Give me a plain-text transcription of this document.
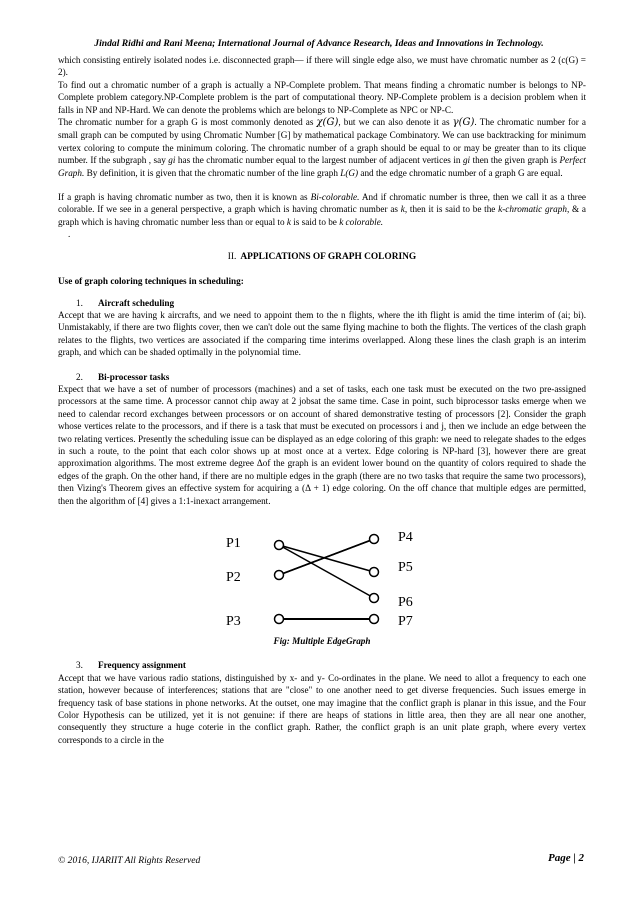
Jindal Ridhi and Rani Meena; International Journal of Advance Research, Ideas and Innovations in Technology.

which consisting entirely isolated nodes i.e. disconnected graph— if there will single edge also, we must have chromatic number as 2 (c(G) = 2).

To find out a chromatic number of a graph is actually a NP-Complete problem. That means finding a chromatic number is belongs to NP-Complete problem category.NP-Complete problem is the part of computational theory. NP-Complete problem is a decision problem when it falls in NP and NP-Hard. We can denote the problems which are belongs to NP-Complete as NPC or NP-C.

The chromatic number for a graph G is most commonly denoted as χ(G), but we can also denote it as γ(G). The chromatic number for a small graph can be computed by using Chromatic Number [G] by mathematical package Combinatory. We can use backtracking for minimum vertex coloring to compute the minimum coloring. The chromatic number of a graph should be equal to or may be greater than to its clique number. If the subgraph , say gi has the chromatic number equal to the largest number of adjacent vertices in gi then the given graph is Perfect Graph. By definition, it is given that the chromatic number of the line graph L(G) and the edge chromatic number of a graph G are equal.

If a graph is having chromatic number as two, then it is known as Bi-colorable. And if chromatic number is three, then we call it as a three colorable. If we see in a general perspective, a graph which is having chromatic number as k, then it is said to be the k-chromatic graph, & a graph which is having chromatic number less than or equal to k is said to be k colorable.

.

II. APPLICATIONS OF GRAPH COLORING

Use of graph coloring techniques in scheduling:

1. Aircraft scheduling

Accept that we are having k aircrafts, and we need to appoint them to the n flights, where the ith flight is amid the time interim of (ai; bi). Unmistakably, if there are two flights cover, then we can't dole out the same flying machine to both the flights. The vertices of the clash graph relates to the flights, two vertices are associated if the comparing time interims overlapped. Along these lines the clash graph is an interim graph, and which can be shaded optimally in the polynomial time.

2. Bi-processor tasks

Expect that we have a set of number of processors (machines) and a set of tasks, each one task must be executed on the two pre-assigned processors at the same time. A processor cannot chip away at 2 jobsat the same time. Case in point, such biprocessor tasks emerge when we need to calendar record exchanges between processors or on account of shared demonstrative testing of processors [2]. Consider the graph whose vertices relate to the processors, and if there is a task that must be executed on processors i and j, then we include an edge between the two relating vertices. Presently the scheduling issue can be displayed as an edge coloring of this graph: we need to relegate shades to the edges in such a route, to the point that each color shows up at most once at a vertex. Edge coloring is NP-hard [3], however there are great approximation algorithms. The most extreme degree Δof the graph is an evident lower bound on the quantity of colors required to shade the edges of the graph. On the other hand, if there are no multiple edges in the graph (there are no two tasks that require the same two processors), then Vizing's Theorem gives an effective system for acquiring a (Δ + 1) edge coloring. On the off chance that multiple edges are permitted, then the algorithm of [4] gives a 1:1-inexact arrangement.

P1
P2
P3
P4
P5
P6
P7

Fig: Multiple EdgeGraph

3. Frequency assignment

Accept that we have various radio stations, distinguished by x- and y- Co-ordinates in the plane. We need to allot a frequency to each one station, however because of interferences; stations that are "close" to one another need to get diverse frequencies. Such issues emerge in frequency task of base stations in phone networks. At the outset, one may imagine that the conflict graph is planar in this issue, and the Four Color Hypothesis can be utilized, yet it is not genuine: if there are heaps of stations in little area, then they are all near one another, consequently they structure a huge coterie in the conflict graph. Rather, the conflict graph is an unit plate graph, where every vertex corresponds to a circle in the

© 2016, IJARIIT All Rights Reserved	Page | 2
